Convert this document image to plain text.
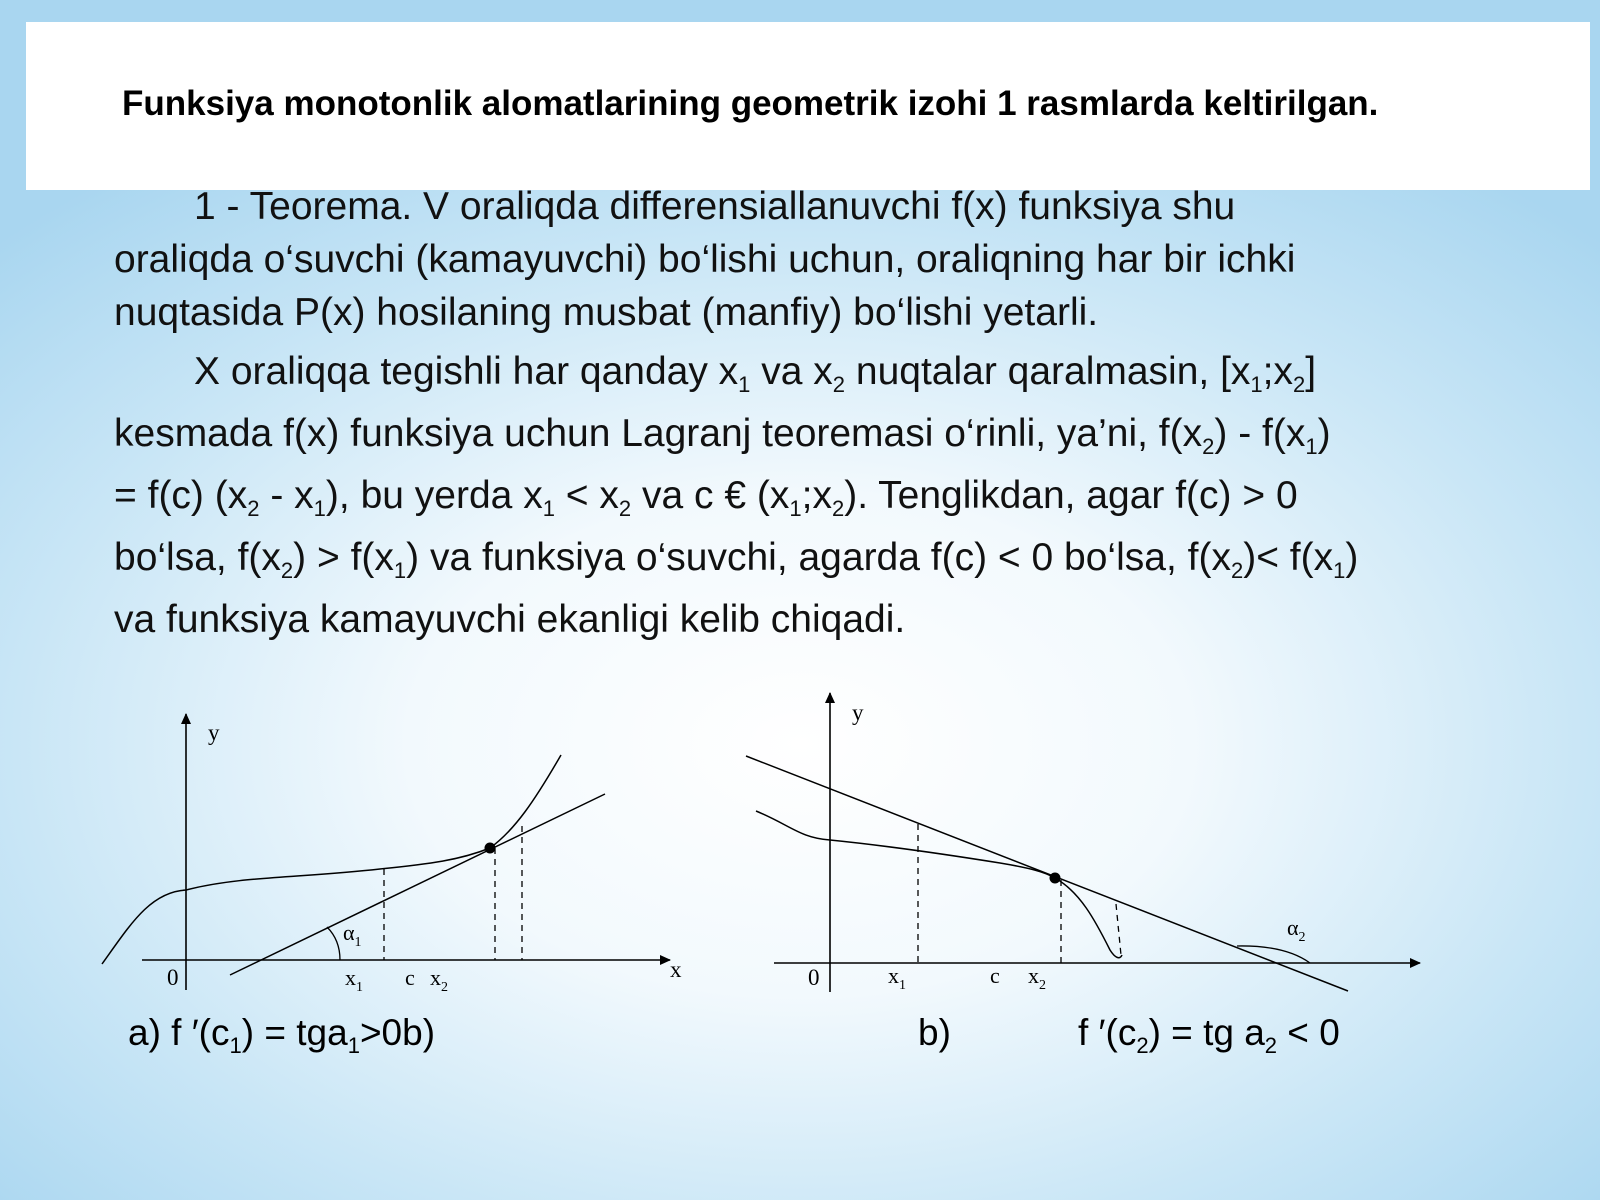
Funksiya monotonlik alomatlarining geometrik izohi 1 rasmlarda keltirilgan.

1 - Teorema. V oraliqda differensiallanuvchi f(x) funksiya shu
oraliqda o‘suvchi (kamayuvchi) bo‘lishi uchun, oraliqning har bir ichki
nuqtasida P(x) hosilaning musbat (manfiy) bo‘lishi yetarli.

X oraliqqa tegishli har qanday $x_1$ va $x_2$ nuqtalar qaralmasin, $[x_1;x_2]$
kesmada f(x) funksiya uchun Lagranj teoremasi o‘rinli, ya’ni, $f(x_2) - f(x_1)$
= f(c) $(x_2 - x_1)$, bu yerda $x_1 < x_2$ va c € $(x_1;x_2)$. Tenglikdan, agar f(c) > 0
bo‘lsa, $f(x_2) > f(x_1)$ va funksiya o‘suvchi, agarda f(c) < 0 bo‘lsa, $f(x_2)< f(x_1)$
va funksiya kamayuvchi ekanligi kelib chiqadi.

y
x
0
$\alpha_1$
$x_1$ c $x_2$
y
0
$\alpha_2$
$x_1$	c $x_2$
a) f $'(c_1) = tga_1>0b$)	b)	f $'(c_2)$ = tg $a_2 < 0$
